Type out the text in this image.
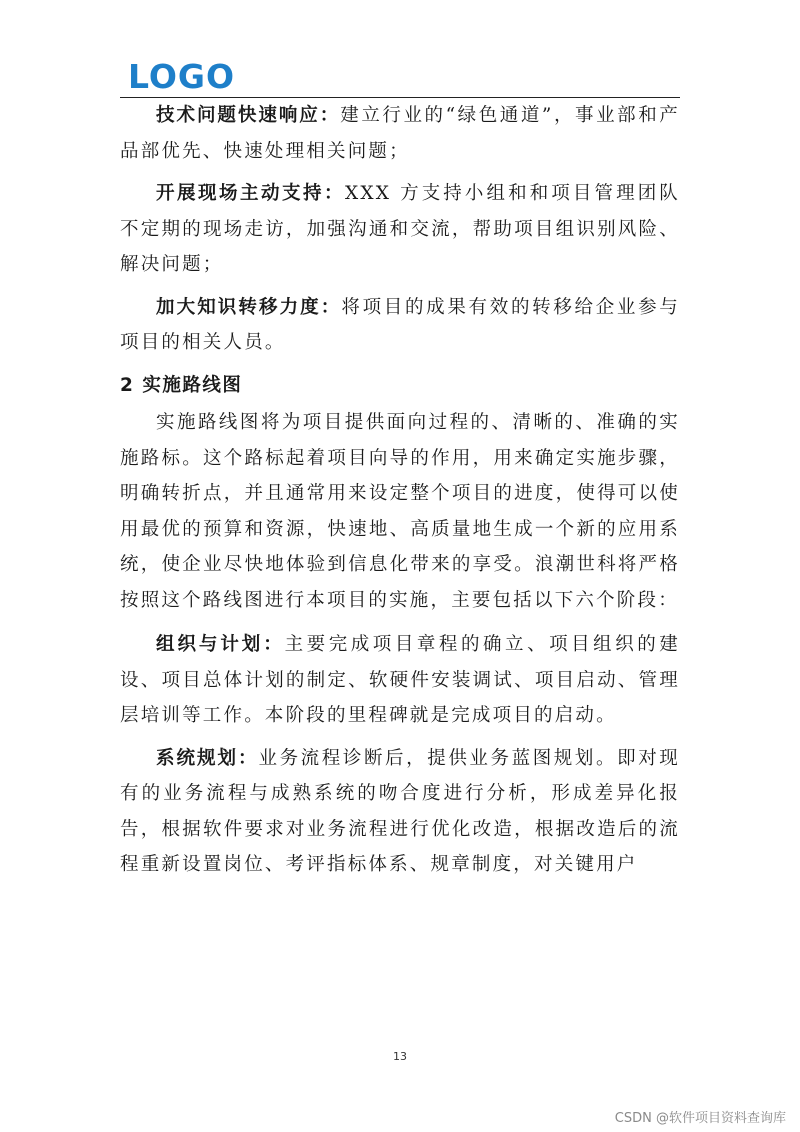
LOGO

技术问题快速响应：建立行业的“绿色通道”，事业部和产品部优先、快速处理相关问题；

开展现场主动支持：XXX 方支持小组和和项目管理团队不定期的现场走访，加强沟通和交流，帮助项目组识别风险、解决问题；

加大知识转移力度：将项目的成果有效的转移给企业参与项目的相关人员。

2 实施路线图

实施路线图将为项目提供面向过程的、清晰的、准确的实施路标。这个路标起着项目向导的作用，用来确定实施步骤，明确转折点，并且通常用来设定整个项目的进度，使得可以使用最优的预算和资源，快速地、高质量地生成一个新的应用系统，使企业尽快地体验到信息化带来的享受。浪潮世科将严格按照这个路线图进行本项目的实施，主要包括以下六个阶段：

组织与计划：主要完成项目章程的确立、项目组织的建设、项目总体计划的制定、软硬件安装调试、项目启动、管理层培训等工作。本阶段的里程碑就是完成项目的启动。

系统规划：业务流程诊断后，提供业务蓝图规划。即对现有的业务流程与成熟系统的吻合度进行分析，形成差异化报告，根据软件要求对业务流程进行优化改造，根据改造后的流程重新设置岗位、考评指标体系、规章制度，对关键用户

13
CSDN @软件项目资料查询库
